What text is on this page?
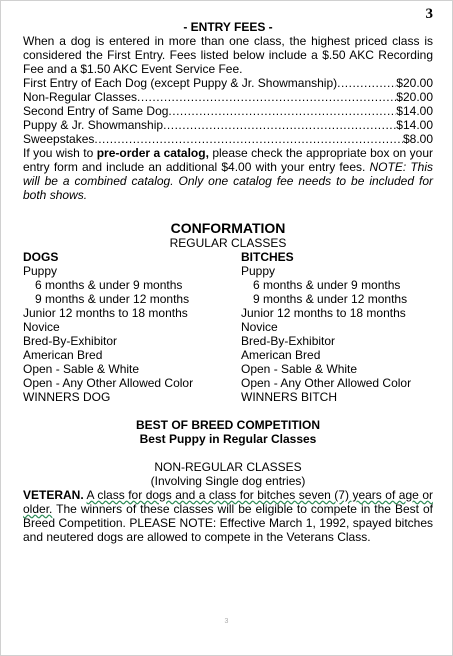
3
- ENTRY FEES -
When a dog is entered in more than one class, the highest priced class is considered the First Entry. Fees listed below include a $.50 AKC Recording Fee and a $1.50 AKC Event Service Fee.
First Entry of Each Dog (except Puppy & Jr. Showmanship) .....	$20.00
Non-Regular Classes .....	$20.00
Second Entry of Same Dog .....	$14.00
Puppy & Jr. Showmanship .....	$14.00
Sweepstakes .....	$8.00
If you wish to pre-order a catalog, please check the appropriate box on your entry form and include an additional $4.00 with your entry fees. NOTE: This will be a combined catalog. Only one catalog fee needs to be included for both shows.
CONFORMATION
REGULAR CLASSES
DOGS
Puppy
6 months & under 9 months
9 months & under 12 months
Junior 12 months to 18 months
Novice
Bred-By-Exhibitor
American Bred
Open - Sable & White
Open - Any Other Allowed Color
WINNERS DOG
BITCHES
Puppy
6 months & under 9 months
9 months & under 12 months
Junior 12 months to 18 months
Novice
Bred-By-Exhibitor
American Bred
Open - Sable & White
Open - Any Other Allowed Color
WINNERS BITCH
BEST OF BREED COMPETITION
Best Puppy in Regular Classes
NON-REGULAR CLASSES
(Involving Single dog entries)
VETERAN. A class for dogs and a class for bitches seven (7) years of age or older. The winners of these classes will be eligible to compete in the Best of Breed Competition. PLEASE NOTE: Effective March 1, 1992, spayed bitches and neutered dogs are allowed to compete in the Veterans Class.
3
